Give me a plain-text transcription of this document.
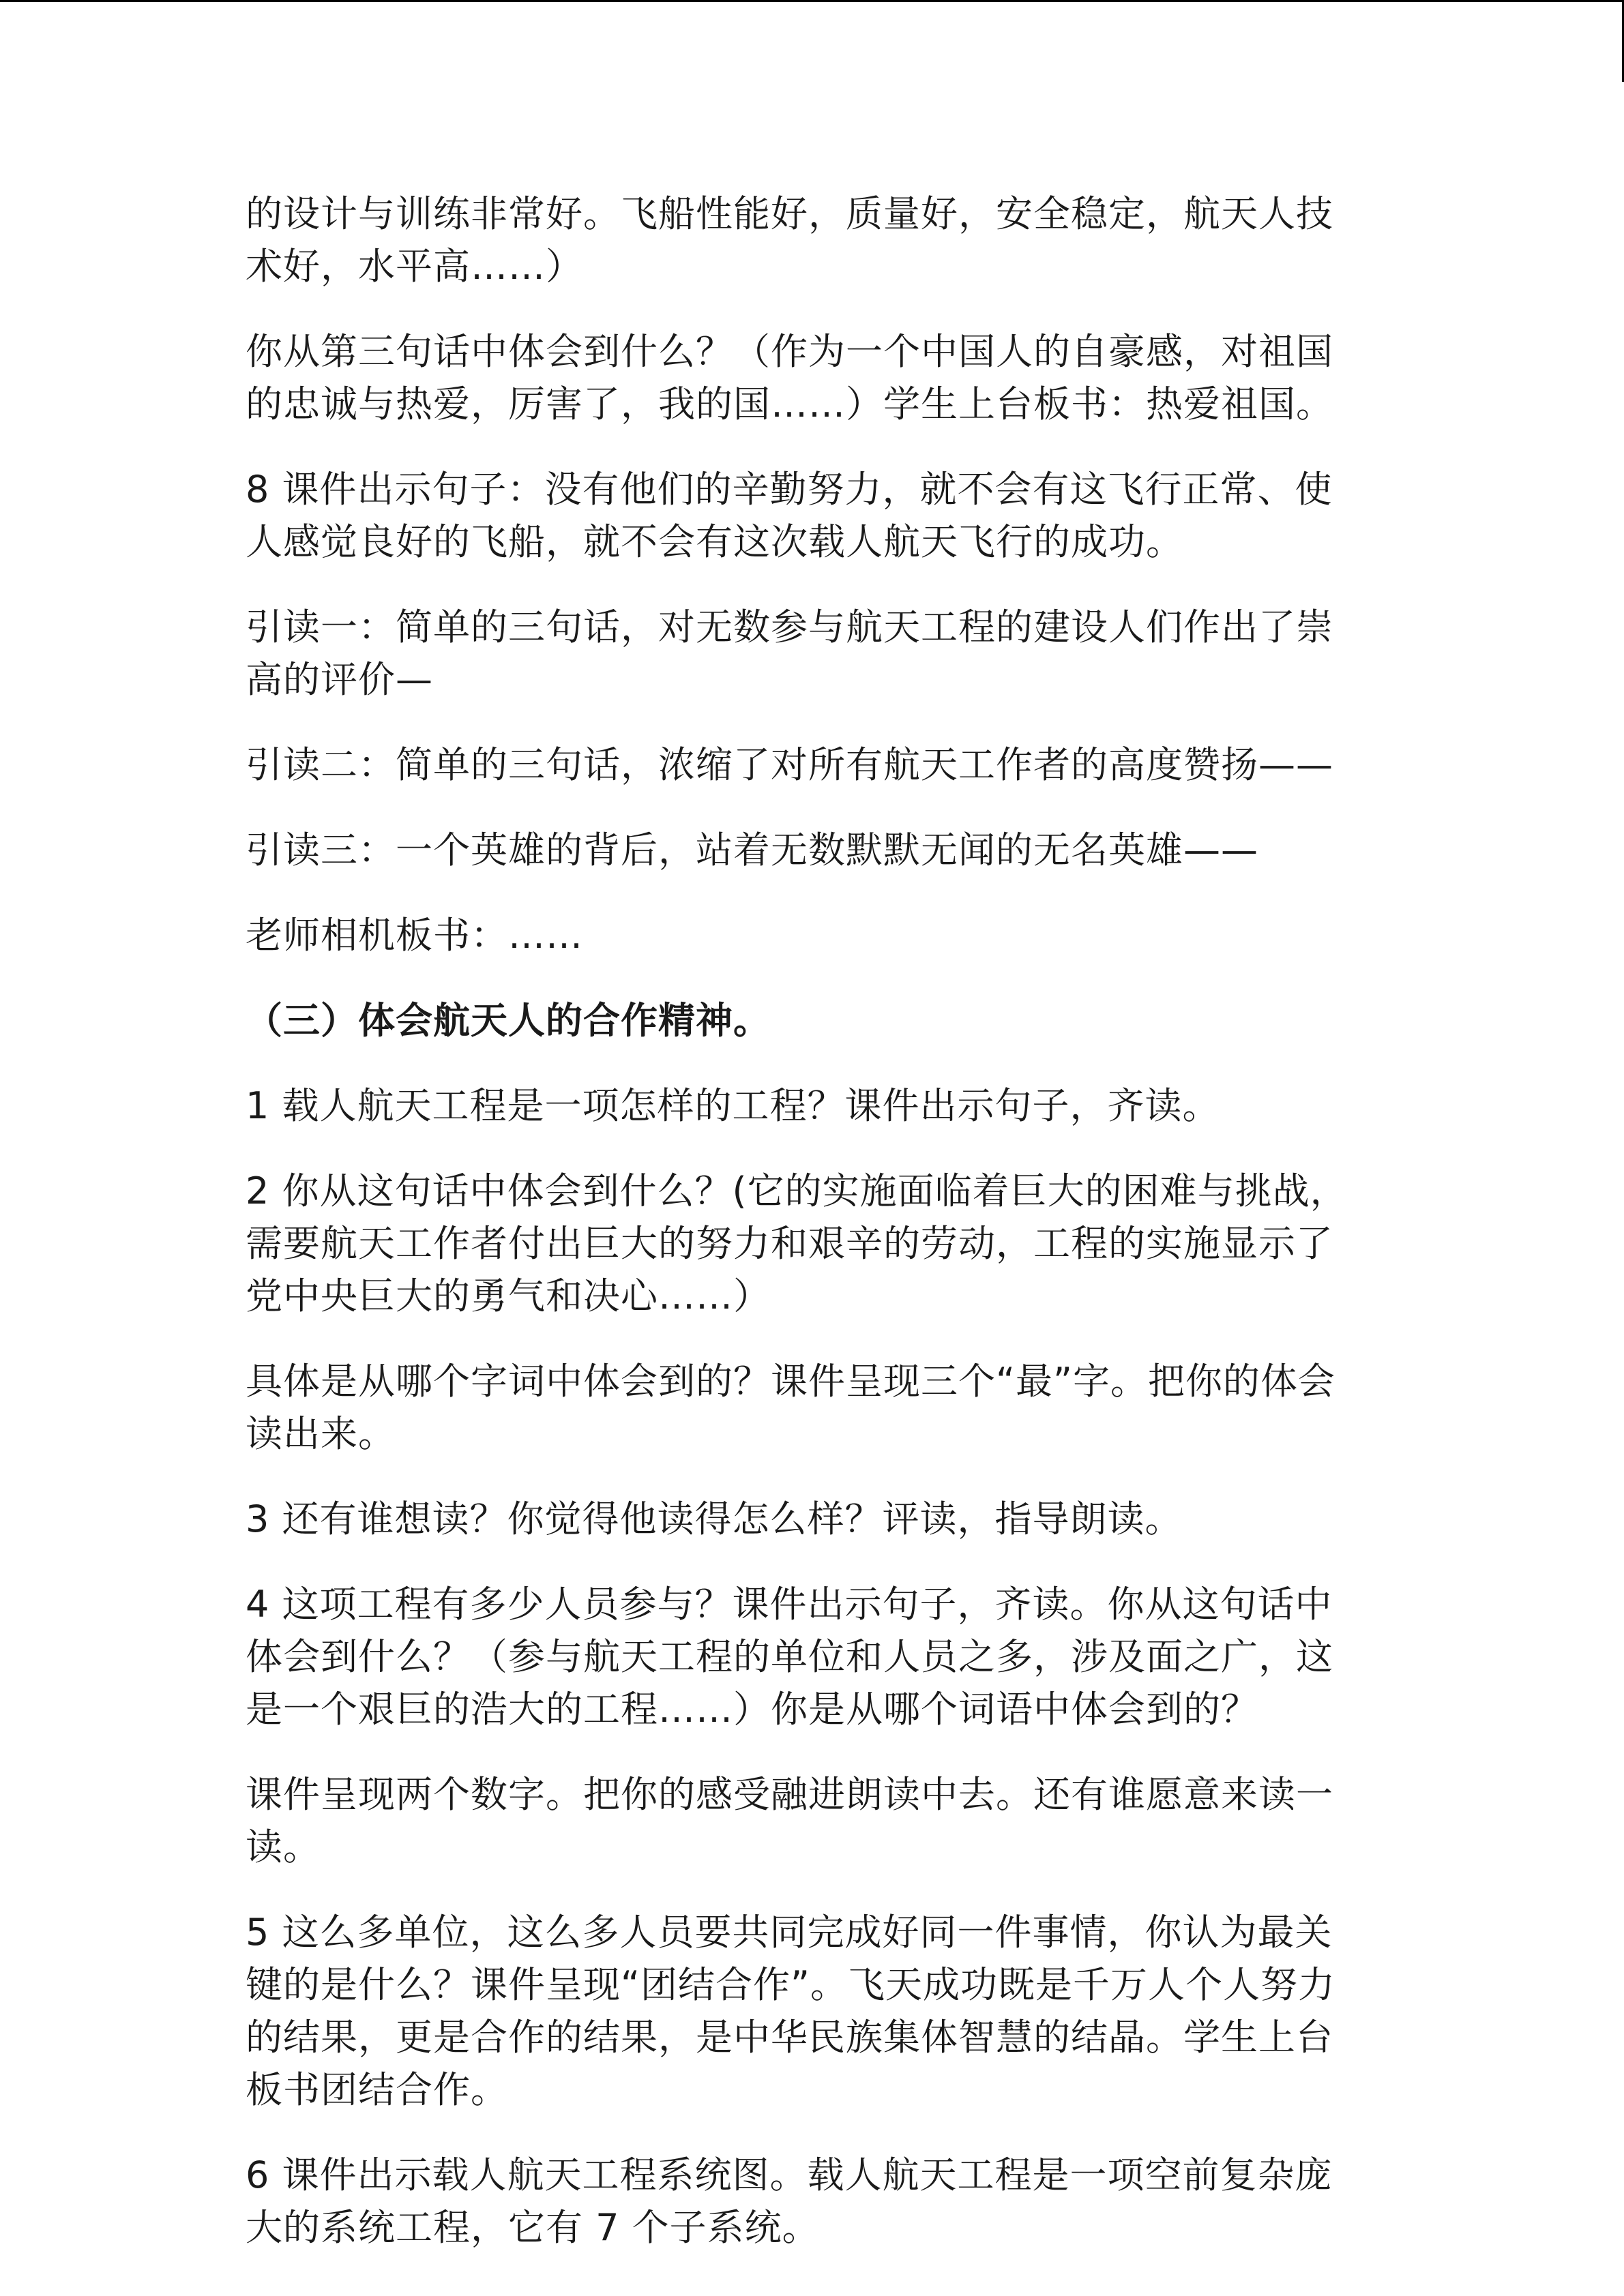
的设计与训练非常好。飞船性能好，质量好，安全稳定，航天人技术好，水平高……）

你从第三句话中体会到什么？（作为一个中国人的自豪感，对祖国的忠诚与热爱，厉害了，我的国……）学生上台板书：热爱祖国。

8 课件出示句子：没有他们的辛勤努力，就不会有这飞行正常、使人感觉良好的飞船，就不会有这次载人航天飞行的成功。

引读一：简单的三句话，对无数参与航天工程的建设人们作出了崇高的评价—

引读二：简单的三句话，浓缩了对所有航天工作者的高度赞扬——

引读三：一个英雄的背后，站着无数默默无闻的无名英雄——

老师相机板书：……

（三）体会航天人的合作精神。

1 载人航天工程是一项怎样的工程？课件出示句子，齐读。

2 你从这句话中体会到什么？(它的实施面临着巨大的困难与挑战，需要航天工作者付出巨大的努力和艰辛的劳动，工程的实施显示了党中央巨大的勇气和决心……）

具体是从哪个字词中体会到的？课件呈现三个“最”字。把你的体会读出来。

3 还有谁想读？你觉得他读得怎么样？评读，指导朗读。

4 这项工程有多少人员参与？课件出示句子，齐读。你从这句话中体会到什么？（参与航天工程的单位和人员之多，涉及面之广，这是一个艰巨的浩大的工程……）你是从哪个词语中体会到的？

课件呈现两个数字。把你的感受融进朗读中去。还有谁愿意来读一读。

5 这么多单位，这么多人员要共同完成好同一件事情，你认为最关键的是什么？课件呈现“团结合作”。飞天成功既是千万人个人努力的结果，更是合作的结果，是中华民族集体智慧的结晶。学生上台板书团结合作。

6 课件出示载人航天工程系统图。载人航天工程是一项空前复杂庞大的系统工程，它有 7 个子系统。
